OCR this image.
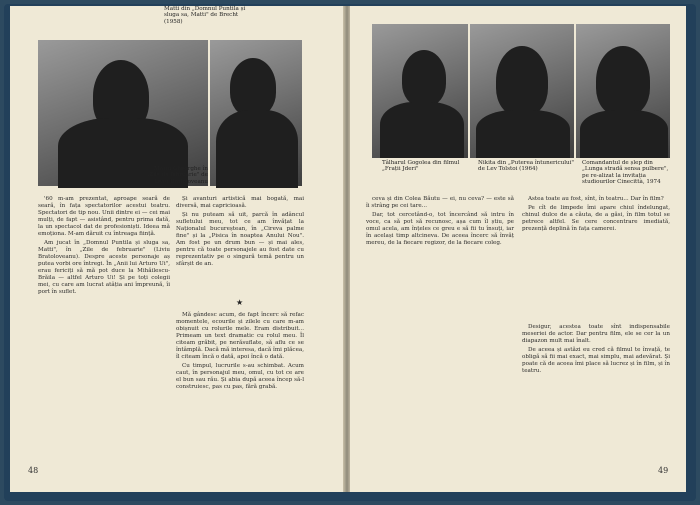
Matti din „Domnul Puntila și sluga sa, Matti" de Brecht (1958)
Marin Gheorghe în „Zile de februarie" de Liviu Bratoloveanu

'60 m-am prezentat, aproape seară de seară, în fața spectatorilor acestui teatru. Spectatori de tip nou. Unii dintre ei — cei mai mulți, de fapt — asistând, pentru prima dată, la un spectacol dat de profesioniști. Ideea mă emoționa. M-am dăruit cu întreaga ființă.

Am jucat în „Domnul Puntila și sluga sa, Matti", în „Zile de februarie" (Liviu Bratoloveanu). Despre aceste personaje aș putea vorbi ore întregi. În „Anii lui Arturo Ui", erau fericiți să mă pot duce la Mihăilescu-Brăila — altfel Arturo Ui! Și pe toți colegii mei, cu care am lucrat atâția ani împreună, îi port în suflet.

Și avanturi artistică mai bogată, mai diversă, mai capricioasă.

Și nu puteam să uit, parcă în adâncul sufletului meu, tot ce am învățat la Naționalul bucureștean, în „Cireva palme fine" și la „Pisica în noaptea Anului Nou". Am fost pe un drum bun — și mai ales, pentru că toate personajele au fost date cu reprezentativ pe o singură temă pentru un sfârșit de an.

★

Mă gândesc acum, de fapt încerc să refac momentele, ecourile și zilele cu care m-am obișnuit cu rolurile mele. Eram distribuit... Primeam un text dramatic cu rolul meu. Îl citeam grăbit, pe nerăsuflate, să aflu ce se întâmplă. Dacă mă interesa, dacă îmi plăcea, îl citeam încă o dată, apoi încă o dată.

Cu timpul, lucrurile s-au schimbat. Acum caut, în personajul meu, omul, cu tot ce are el bun sau rău. Și abia după aceea încep să-l construiesc, pas cu pas, fără grabă.

48
Tâlharul Gogolea din filmul „Frații Jderi"
Nikita din „Puterea întunericului" de Lev Tolstoi (1964)
Comandantul de șlep din „Lunga stradă sensa pulbere", pe re-alizat la invitația studiourilor Cinecittà, 1974

ceva și din Colea Băutu — ei, nu ceva? — este să îi strâng pe cei tare...

Dar, tot cercetând-o, tot încercând să intru în voce, ca să pot să recunosc, așa cum îl știu, pe omul acela, am înțeles ce greu e să fii tu însuți, iar în același timp altcineva. De aceea încerc să învăț mereu, de la fiecare regizor, de la fiecare coleg.

Astea toate au fost, sînt, în teatru... Dar în film?

Pe cît de limpede îmi apare chiul îndelungat, chinul dulce de a căuta, de a găsi, în film totul se petrece altfel. Se cere concentrare imediată, prezență deplină în fața camerei.

Desigur, acestea toate sînt indispensabile meseriei de actor. Dar pentru film, ele se cer la un diapazon mult mai înalt.

De aceea și astăzi eu cred că filmul te învață, te obligă să fii mai exact, mai simplu, mai adevărat. Și poate că de aceea îmi place să lucrez și în film, și în teatru.

49
